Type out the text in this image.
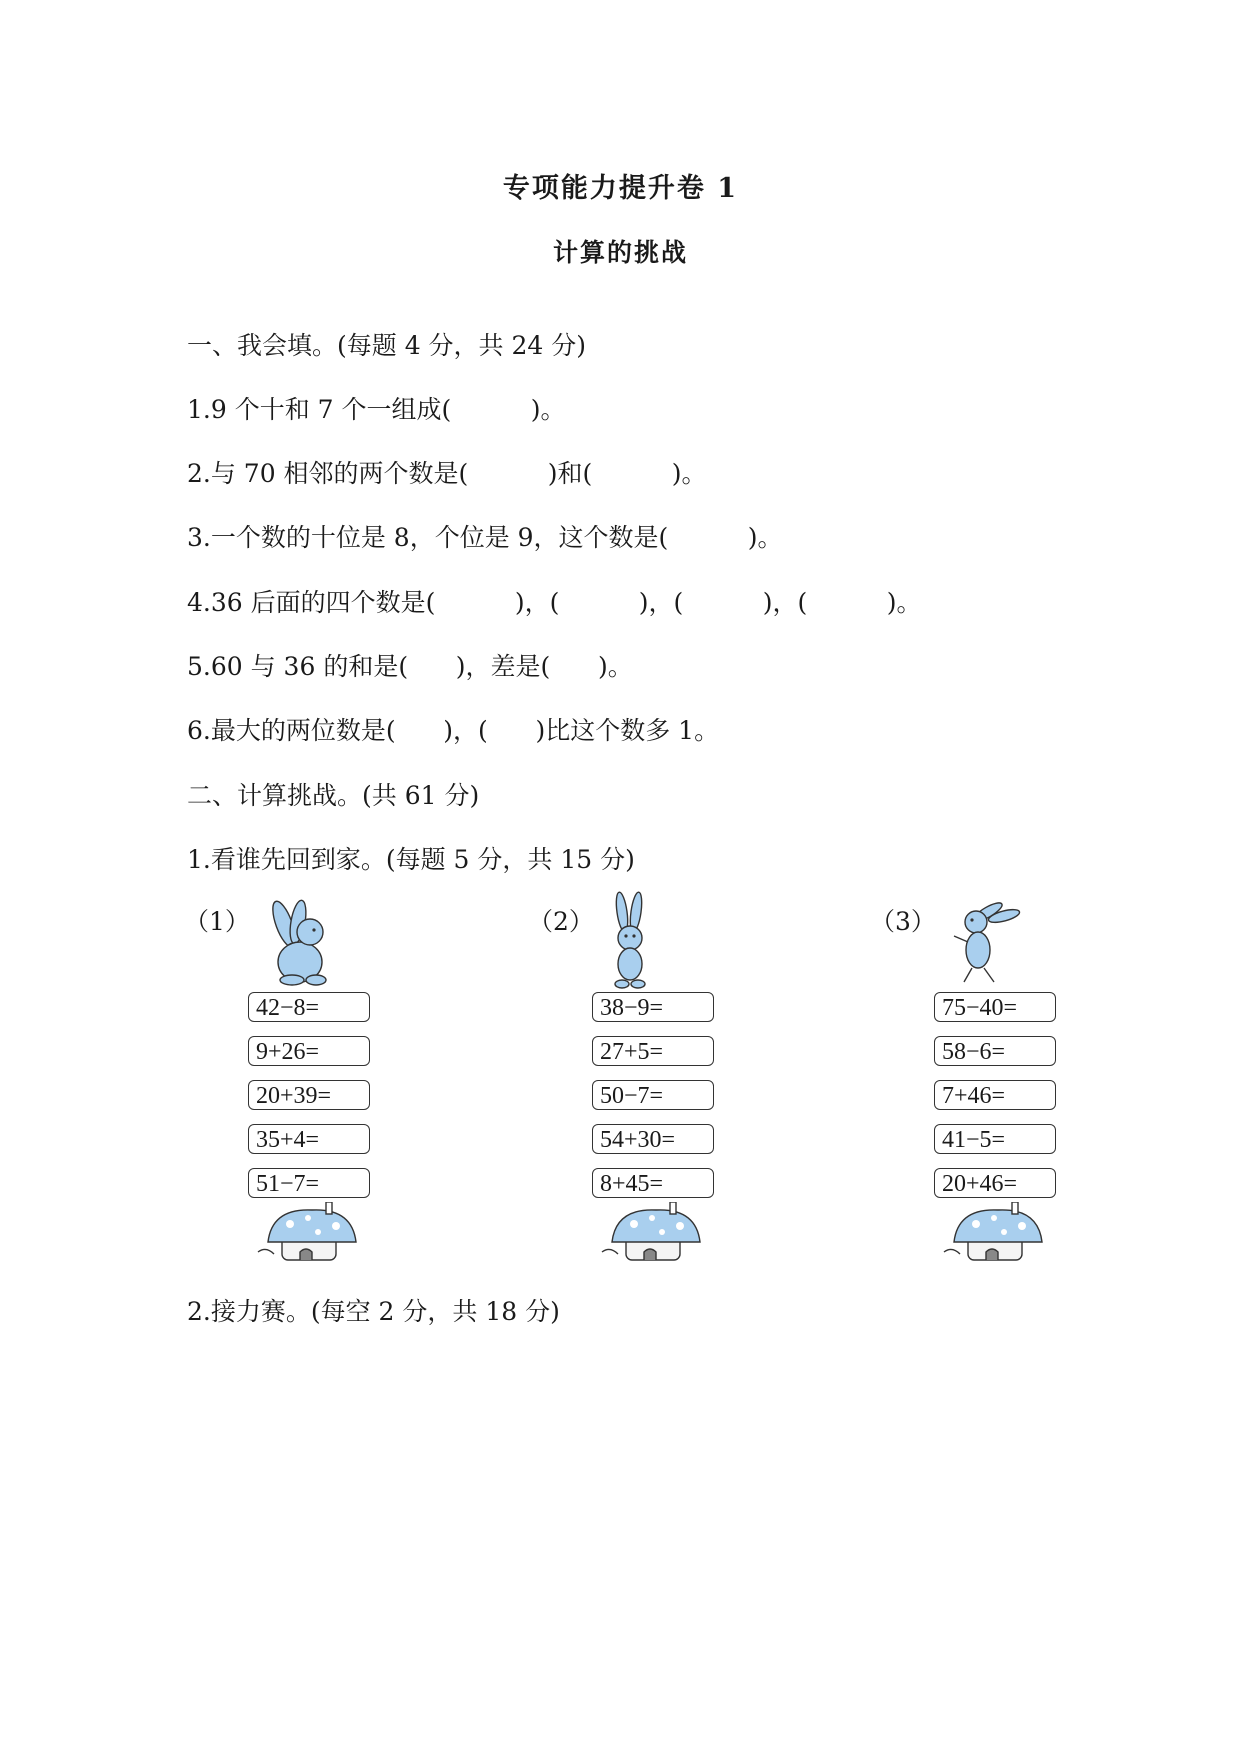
专项能力提升卷 1
计算的挑战
一、我会填。(每题 4 分，共 24 分)
1.9 个十和 7 个一组成(          )。
2.与 70 相邻的两个数是(          )和(          )。
3.一个数的十位是 8，个位是 9，这个数是(          )。
4.36 后面的四个数是(          )，(          )，(          )，(          )。
5.60 与 36 的和是(      )，差是(      )。
6.最大的两位数是(      )，(      )比这个数多 1。
二、计算挑战。(共 61 分)
1.看谁先回到家。(每题 5 分，共 15 分)
（1）
42−8=
9+26=
20+39=
35+4=
51−7=
（2）
38−9=
27+5=
50−7=
54+30=
8+45=
（3）
75−40=
58−6=
7+46=
41−5=
20+46=
2.接力赛。(每空 2 分，共 18 分)
